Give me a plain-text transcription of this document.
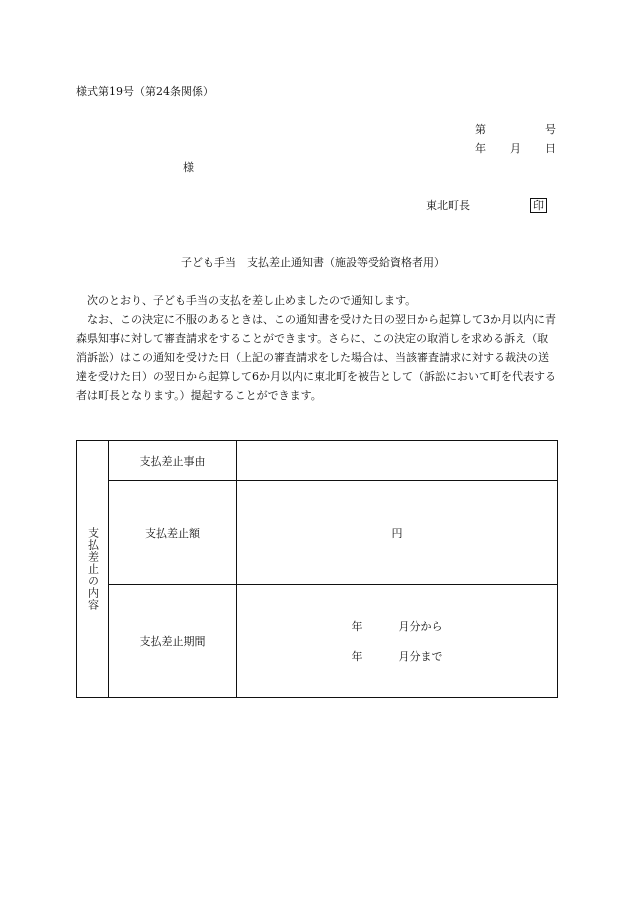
様式第19号（第24条関係）
第	号
年 月 日
様
東北町長	印
子ども手当　支払差止通知書（施設等受給資格者用）

　次のとおり、子ども手当の支払を差し止めましたので通知します。

　なお、この決定に不服のあるときは、この通知書を受けた日の翌日から起算して3か月以内に青森県知事に対して審査請求をすることができます。さらに、この決定の取消しを求める訴え（取消訴訟）はこの通知を受けた日（上記の審査請求をした場合は、当該審査請求に対する裁決の送達を受けた日）の翌日から起算して6か月以内に東北町を被告として（訴訟において町を代表する者は町長となります。）提起することができます。

支払差止の内容	支払差止事由	
	支払差止額	円
	支払差止期間	年 月分から
年 月分まで
